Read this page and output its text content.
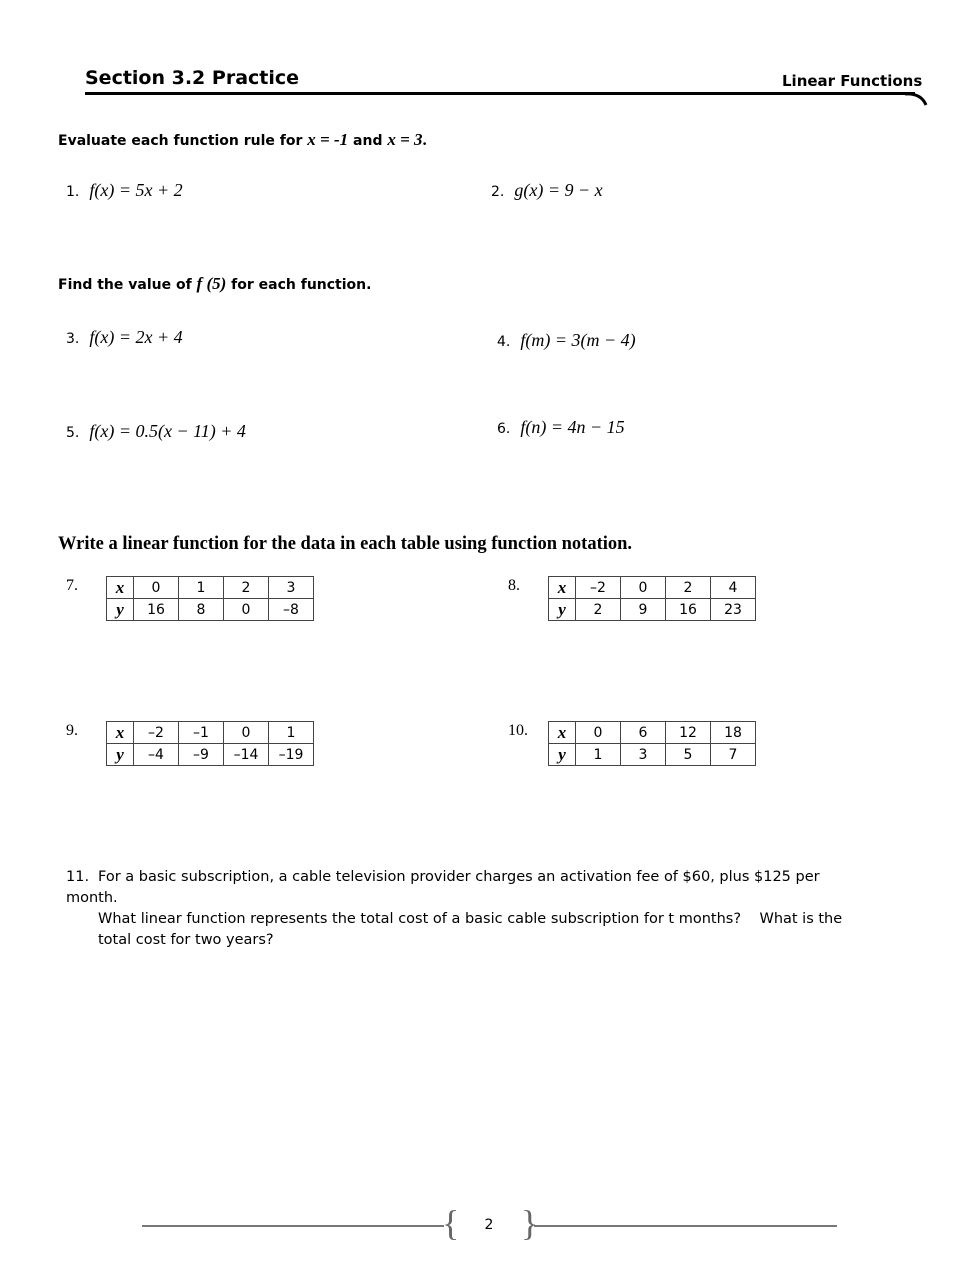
Section 3.2 Practice	Linear Functions
Evaluate each function rule for x = -1 and x = 3.
1. f(x) = 5x + 2	2. g(x) = 9 − x
Find the value of f (5) for each function.
3. f(x) = 2x + 4	4. f(m) = 3(m − 4)
5. f(x) = 0.5(x − 11) + 4	6. f(n) = 4n − 15
Write a linear function for the data in each table using function notation.
7. x	0	1	2	3
y	16	8	0	–8
8. x	–2	0	2	4
y	2	9	16	23
9. x	–2	–1	0	1
y	–4	–9	–14	–19
10. x	0	6	12	18
y	1	3	5	7
11. For a basic subscription, a cable television provider charges an activation fee of $60, plus $125 per month.
What linear function represents the total cost of a basic cable subscription for t months?    What is the
total cost for two years?
{ }
2
